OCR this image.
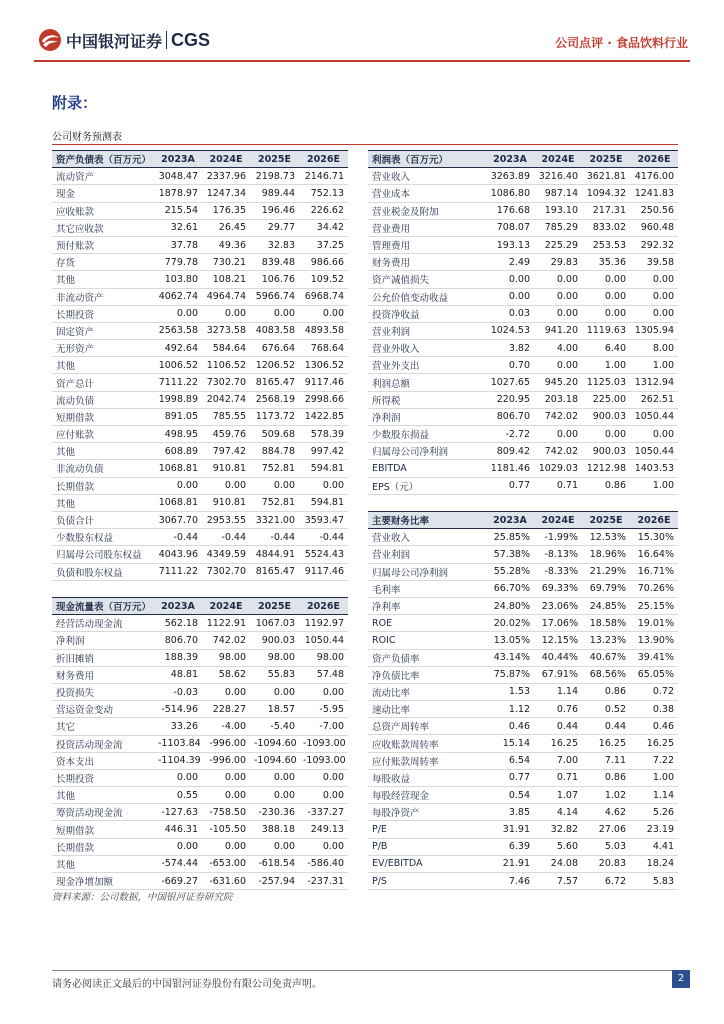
中国银河证券 CGS	公司点评 · 食品饮料行业
附录：
公司财务预测表
资产负债表（百万元）	2023A	2024E	2025E	2026E
流动资产	3048.47	2337.96	2198.73	2146.71
现金	1878.97	1247.34	989.44	752.13
应收账款	215.54	176.35	196.46	226.62
其它应收款	32.61	26.45	29.77	34.42
预付账款	37.78	49.36	32.83	37.25
存货	779.78	730.21	839.48	986.66
其他	103.80	108.21	106.76	109.52
非流动资产	4062.74	4964.74	5966.74	6968.74
长期投资	0.00	0.00	0.00	0.00
固定资产	2563.58	3273.58	4083.58	4893.58
无形资产	492.64	584.64	676.64	768.64
其他	1006.52	1106.52	1206.52	1306.52
资产总计	7111.22	7302.70	8165.47	9117.46
流动负债	1998.89	2042.74	2568.19	2998.66
短期借款	891.05	785.55	1173.72	1422.85
应付账款	498.95	459.76	509.68	578.39
其他	608.89	797.42	884.78	997.42
非流动负债	1068.81	910.81	752.81	594.81
长期借款	0.00	0.00	0.00	0.00
其他	1068.81	910.81	752.81	594.81
负债合计	3067.70	2953.55	3321.00	3593.47
少数股东权益	-0.44	-0.44	-0.44	-0.44
归属母公司股东权益	4043.96	4349.59	4844.91	5524.43
负债和股东权益	7111.22	7302.70	8165.47	9117.46
利润表（百万元）	2023A	2024E	2025E	2026E
营业收入	3263.89	3216.40	3621.81	4176.00
营业成本	1086.80	987.14	1094.32	1241.83
营业税金及附加	176.68	193.10	217.31	250.56
营业费用	708.07	785.29	833.02	960.48
管理费用	193.13	225.29	253.53	292.32
财务费用	2.49	29.83	35.36	39.58
资产减值损失	0.00	0.00	0.00	0.00
公允价值变动收益	0.00	0.00	0.00	0.00
投资净收益	0.03	0.00	0.00	0.00
营业利润	1024.53	941.20	1119.63	1305.94
营业外收入	3.82	4.00	6.40	8.00
营业外支出	0.70	0.00	1.00	1.00
利润总额	1027.65	945.20	1125.03	1312.94
所得税	220.95	203.18	225.00	262.51
净利润	806.70	742.02	900.03	1050.44
少数股东损益	-2.72	0.00	0.00	0.00
归属母公司净利润	809.42	742.02	900.03	1050.44
EBITDA	1181.46	1029.03	1212.98	1403.53
EPS（元）	0.77	0.71	0.86	1.00
主要财务比率	2023A	2024E	2025E	2026E
营业收入	25.85%	-1.99%	12.53%	15.30%
营业利润	57.38%	-8.13%	18.96%	16.64%
归属母公司净利润	55.28%	-8.33%	21.29%	16.71%
毛利率	66.70%	69.33%	69.79%	70.26%
净利率	24.80%	23.06%	24.85%	25.15%
ROE	20.02%	17.06%	18.58%	19.01%
ROIC	13.05%	12.15%	13.23%	13.90%
资产负债率	43.14%	40.44%	40.67%	39.41%
净负债比率	75.87%	67.91%	68.56%	65.05%
流动比率	1.53	1.14	0.86	0.72
速动比率	1.12	0.76	0.52	0.38
总资产周转率	0.46	0.44	0.44	0.46
应收账款周转率	15.14	16.25	16.25	16.25
应付账款周转率	6.54	7.00	7.11	7.22
每股收益	0.77	0.71	0.86	1.00
每股经营现金	0.54	1.07	1.02	1.14
每股净资产	3.85	4.14	4.62	5.26
P/E	31.91	32.82	27.06	23.19
P/B	6.39	5.60	5.03	4.41
EV/EBITDA	21.91	24.08	20.83	18.24
P/S	7.46	7.57	6.72	5.83
现金流量表（百万元）	2023A	2024E	2025E	2026E
经营活动现金流	562.18	1122.91	1067.03	1192.97
净利润	806.70	742.02	900.03	1050.44
折旧摊销	188.39	98.00	98.00	98.00
财务费用	48.81	58.62	55.83	57.48
投资损失	-0.03	0.00	0.00	0.00
营运资金变动	-514.96	228.27	18.57	-5.95
其它	33.26	-4.00	-5.40	-7.00
投资活动现金流	-1103.84	-996.00	-1094.60	-1093.00
资本支出	-1104.39	-996.00	-1094.60	-1093.00
长期投资	0.00	0.00	0.00	0.00
其他	0.55	0.00	0.00	0.00
筹资活动现金流	-127.63	-758.50	-230.36	-337.27
短期借款	446.31	-105.50	388.18	249.13
长期借款	0.00	0.00	0.00	0.00
其他	-574.44	-653.00	-618.54	-586.40
现金净增加额	-669.27	-631.60	-257.94	-237.31
资料来源：公司数据，中国银河证券研究院
请务必阅读正文最后的中国银河证券股份有限公司免责声明。
2
